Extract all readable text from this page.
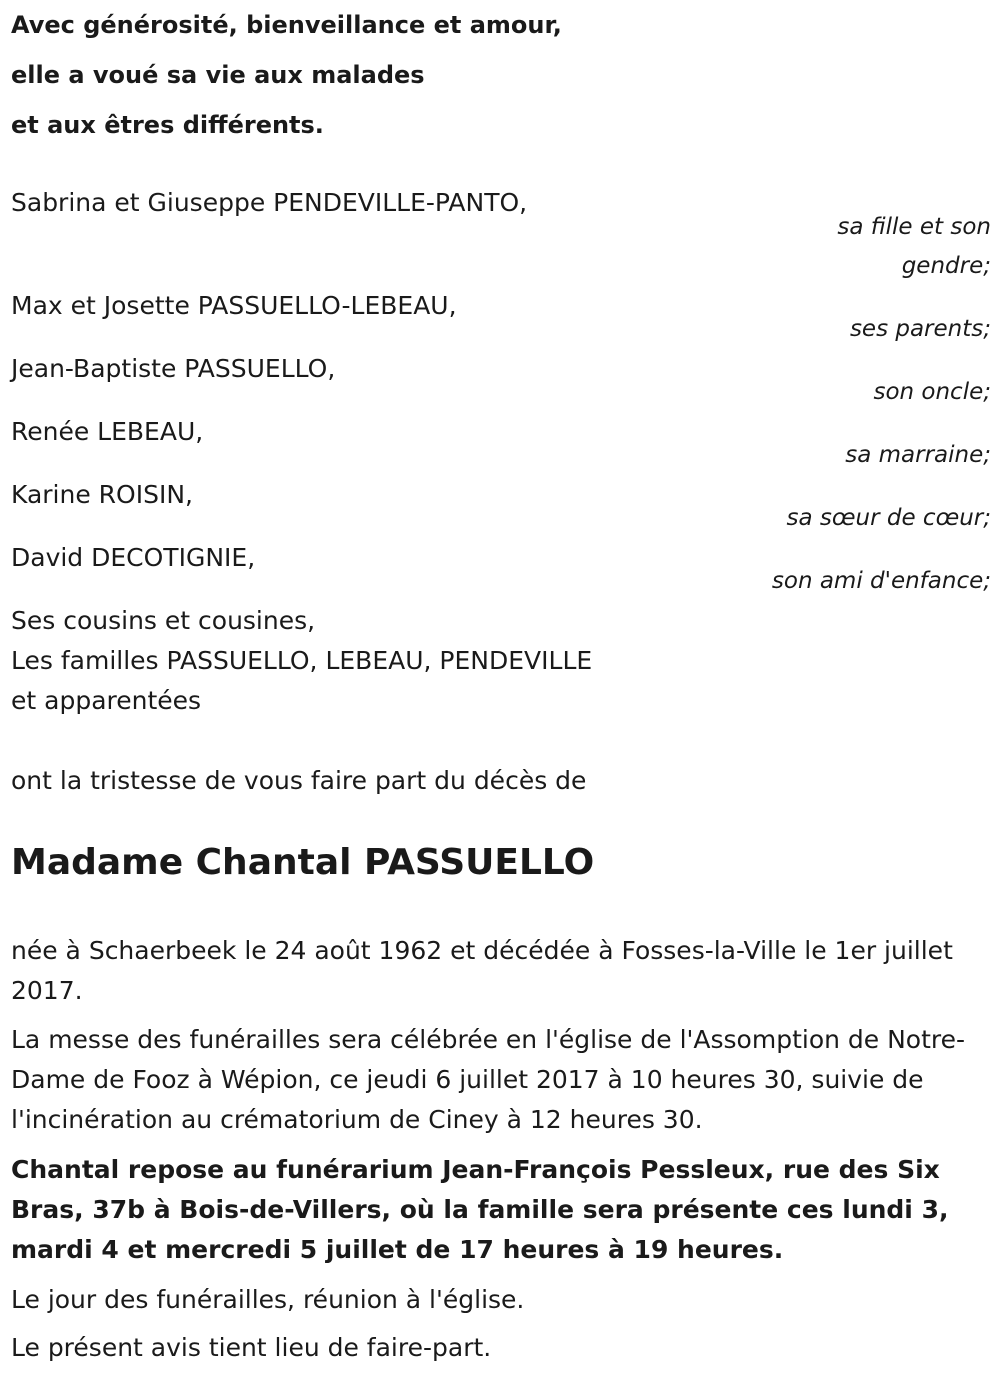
Avec générosité, bienveillance et amour,
elle a voué sa vie aux malades
et aux êtres différents.
Sabrina et Giuseppe PENDEVILLE-PANTO,
sa fille et son gendre;
Max et Josette PASSUELLO-LEBEAU,
ses parents;
Jean-Baptiste PASSUELLO,
son oncle;
Renée LEBEAU,
sa marraine;
Karine ROISIN,
sa sœur de cœur;
David DECOTIGNIE,
son ami d'enfance;
Ses cousins et cousines,
Les familles PASSUELLO, LEBEAU, PENDEVILLE
et apparentées
ont la tristesse de vous faire part du décès de
Madame Chantal PASSUELLO
née à Schaerbeek le 24 août 1962 et décédée à Fosses-la-Ville le 1er juillet 2017.
La messe des funérailles sera célébrée en l'église de l'Assomption de Notre-Dame de Fooz à Wépion, ce jeudi 6 juillet 2017 à 10 heures 30, suivie de l'incinération au crématorium de Ciney à 12 heures 30.
Chantal repose au funérarium Jean-François Pessleux, rue des Six Bras, 37b à Bois-de-Villers, où la famille sera présente ces lundi 3, mardi 4 et mercredi 5 juillet de 17 heures à 19 heures.
Le jour des funérailles, réunion à l'église.
Le présent avis tient lieu de faire-part.
